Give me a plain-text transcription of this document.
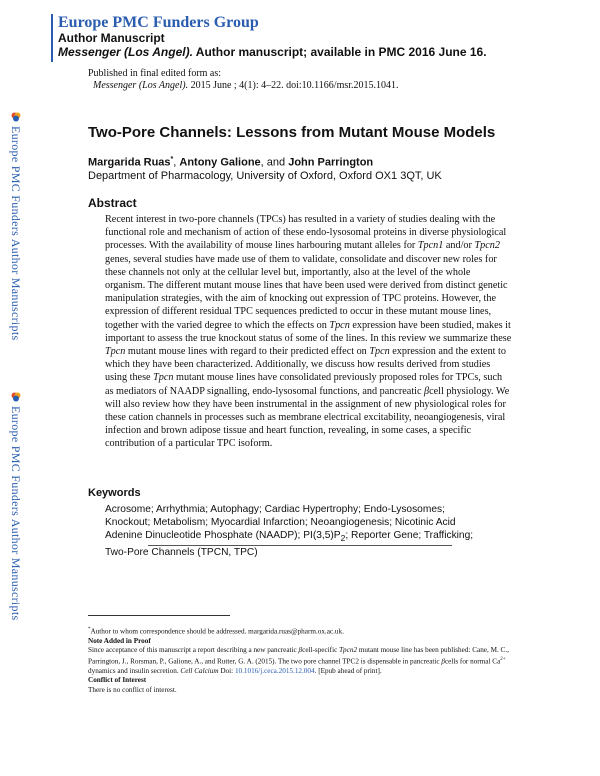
Europe PMC Funders Group
Author Manuscript
Messenger (Los Angel). Author manuscript; available in PMC 2016 June 16.
Published in final edited form as:
Messenger (Los Angel). 2015 June ; 4(1): 4–22. doi:10.1166/msr.2015.1041.
Europe PMC Funders Author Manuscripts
Europe PMC Funders Author Manuscripts
Two-Pore Channels: Lessons from Mutant Mouse Models
Margarida Ruas*, Antony Galione, and John Parrington
Department of Pharmacology, University of Oxford, Oxford OX1 3QT, UK
Abstract

Recent interest in two-pore channels (TPCs) has resulted in a variety of studies dealing with the functional role and mechanism of action of these endo-lysosomal proteins in diverse physiological processes. With the availability of mouse lines harbouring mutant alleles for Tpcn1 and/or Tpcn2 genes, several studies have made use of them to validate, consolidate and discover new roles for these channels not only at the cellular level but, importantly, also at the level of the whole organism. The different mutant mouse lines that have been used were derived from distinct genetic manipulation strategies, with the aim of knocking out expression of TPC proteins. However, the expression of different residual TPC sequences predicted to occur in these mutant mouse lines, together with the varied degree to which the effects on Tpcn expression have been studied, makes it important to assess the true knockout status of some of the lines. In this review we summarize these Tpcn mutant mouse lines with regard to their predicted effect on Tpcn expression and the extent to which they have been characterized. Additionally, we discuss how results derived from studies using these Tpcn mutant mouse lines have consolidated previously proposed roles for TPCs, such as mediators of NAADP signalling, endo-lysosomal functions, and pancreatic βcell physiology. We will also review how they have been instrumental in the assignment of new physiological roles for these cation channels in processes such as membrane electrical excitability, neoangiogenesis, viral infection and brown adipose tissue and heart function, revealing, in some cases, a specific contribution of a particular TPC isoform.

Keywords
Acrosome; Arrhythmia; Autophagy; Cardiac Hypertrophy; Endo-Lysosomes; Knockout; Metabolism; Myocardial Infarction; Neoangiogenesis; Nicotinic Acid Adenine Dinucleotide Phosphate (NAADP); $PI(3,5)P_2$; Reporter Gene; Trafficking; Two-Pore Channels (TPCN, TPC)
*Author to whom correspondence should be addressed. margarida.ruas@pharm.ox.ac.uk.
Note Added in Proof
Since acceptance of this manuscript a report describing a new pancreatic βcell-specific Tpcn2 mutant mouse line has been published: Cane, M. C., Parrington, J., Rorsman, P., Galione, A., and Rutter, G. A. (2015). The two pore channel TPC2 is dispensable in pancreatic βcells for normal $Ca^{2+}$ dynamics and insulin secretion. Cell Calcium Doi: 10.1016/j.ceca.2015.12.004. [Epub ahead of print].
Conflict of Interest
There is no conflict of interest.
